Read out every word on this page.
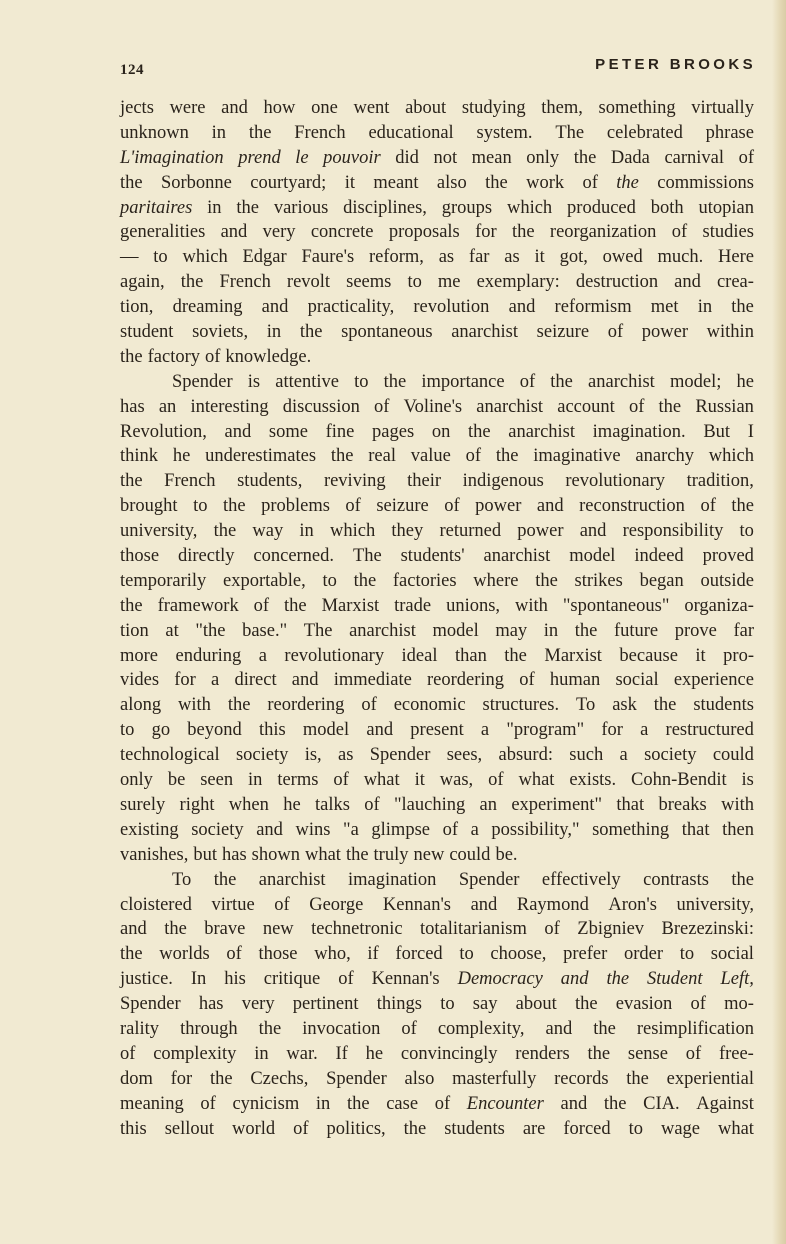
124	PETER BROOKS
jects were and how one went about studying them, something virtually
unknown in the French educational system. The celebrated phrase
L'imagination prend le pouvoir did not mean only the Dada carnival of
the Sorbonne courtyard; it meant also the work of the commissions
paritaires in the various disciplines, groups which produced both utopian
generalities and very concrete proposals for the reorganization of studies
— to which Edgar Faure's reform, as far as it got, owed much. Here
again, the French revolt seems to me exemplary: destruction and crea-
tion, dreaming and practicality, revolution and reformism met in the
student soviets, in the spontaneous anarchist seizure of power within
the factory of knowledge.
Spender is attentive to the importance of the anarchist model; he
has an interesting discussion of Voline's anarchist account of the Russian
Revolution, and some fine pages on the anarchist imagination. But I
think he underestimates the real value of the imaginative anarchy which
the French students, reviving their indigenous revolutionary tradition,
brought to the problems of seizure of power and reconstruction of the
university, the way in which they returned power and responsibility to
those directly concerned. The students' anarchist model indeed proved
temporarily exportable, to the factories where the strikes began outside
the framework of the Marxist trade unions, with "spontaneous" organiza-
tion at "the base." The anarchist model may in the future prove far
more enduring a revolutionary ideal than the Marxist because it pro-
vides for a direct and immediate reordering of human social experience
along with the reordering of economic structures. To ask the students
to go beyond this model and present a "program" for a restructured
technological society is, as Spender sees, absurd: such a society could
only be seen in terms of what it was, of what exists. Cohn-Bendit is
surely right when he talks of "lauching an experiment" that breaks with
existing society and wins "a glimpse of a possibility," something that then
vanishes, but has shown what the truly new could be.
To the anarchist imagination Spender effectively contrasts the
cloistered virtue of George Kennan's and Raymond Aron's university,
and the brave new technetronic totalitarianism of Zbigniev Brezezinski:
the worlds of those who, if forced to choose, prefer order to social
justice. In his critique of Kennan's Democracy and the Student Left,
Spender has very pertinent things to say about the evasion of mo-
rality through the invocation of complexity, and the resimplification
of complexity in war. If he convincingly renders the sense of free-
dom for the Czechs, Spender also masterfully records the experiential
meaning of cynicism in the case of Encounter and the CIA. Against
this sellout world of politics, the students are forced to wage what
